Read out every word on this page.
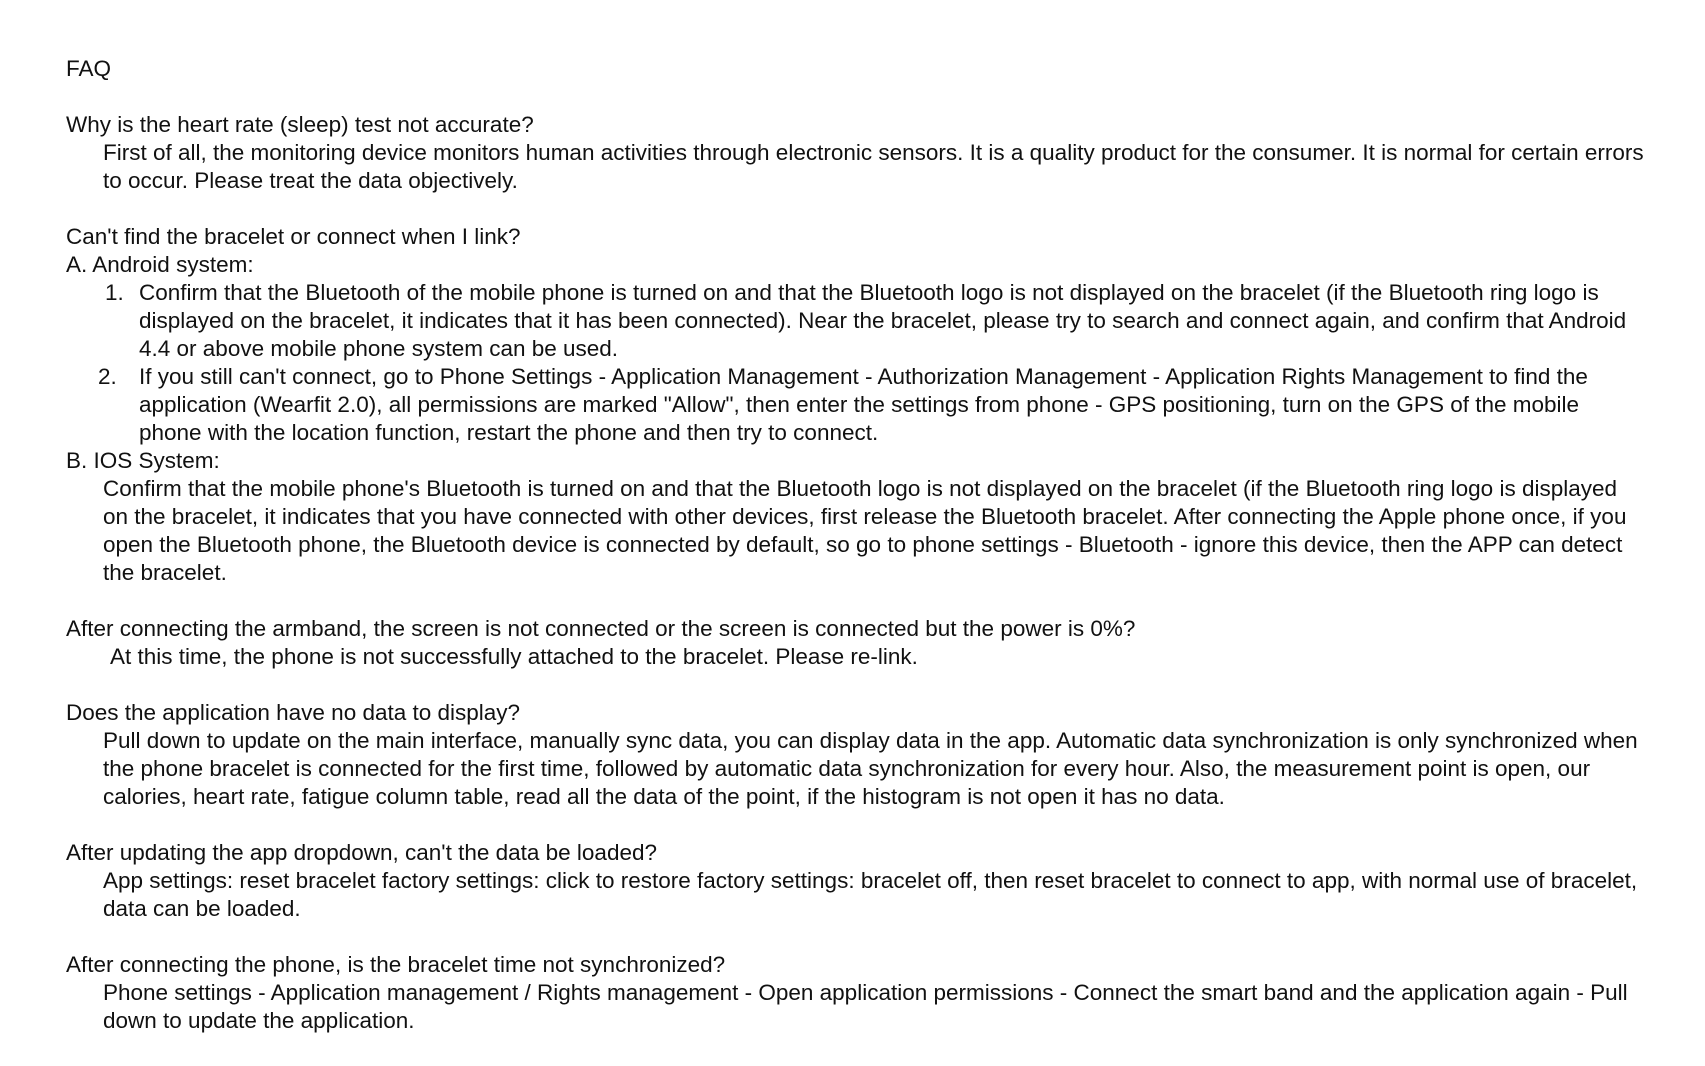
FAQ

Why is the heart rate (sleep) test not accurate?

First of all, the monitoring device monitors human activities through electronic sensors. It is a quality product for the consumer. It is normal for certain errors to occur. Please treat the data objectively.

Can't find the bracelet or connect when I link?

A. Android system:

1. Confirm that the Bluetooth of the mobile phone is turned on and that the Bluetooth logo is not displayed on the bracelet (if the Bluetooth ring logo is displayed on the bracelet, it indicates that it has been connected). Near the bracelet, please try to search and connect again, and confirm that Android 4.4 or above mobile phone system can be used.
2. If you still can't connect, go to Phone Settings - Application Management - Authorization Management - Application Rights Management to find the application (Wearfit 2.0), all permissions are marked "Allow", then enter the settings from phone - GPS positioning, turn on the GPS of the mobile phone with the location function, restart the phone and then try to connect.

B. IOS System:

Confirm that the mobile phone's Bluetooth is turned on and that the Bluetooth logo is not displayed on the bracelet (if the Bluetooth ring logo is displayed on the bracelet, it indicates that you have connected with other devices, first release the Bluetooth bracelet. After connecting the Apple phone once, if you open the Bluetooth phone, the Bluetooth device is connected by default, so go to phone settings - Bluetooth - ignore this device, then the APP can detect the bracelet.

After connecting the armband, the screen is not connected or the screen is connected but the power is 0%?

At this time, the phone is not successfully attached to the bracelet. Please re-link.

Does the application have no data to display?

Pull down to update on the main interface, manually sync data, you can display data in the app. Automatic data synchronization is only synchronized when the phone bracelet is connected for the first time, followed by automatic data synchronization for every hour. Also, the measurement point is open, our calories, heart rate, fatigue column table, read all the data of the point, if the histogram is not open it has no data.

After updating the app dropdown, can't the data be loaded?

App settings: reset bracelet factory settings: click to restore factory settings: bracelet off, then reset bracelet to connect to app, with normal use of bracelet, data can be loaded.

After connecting the phone, is the bracelet time not synchronized?

Phone settings - Application management / Rights management - Open application permissions - Connect the smart band and the application again - Pull down to update the application.
